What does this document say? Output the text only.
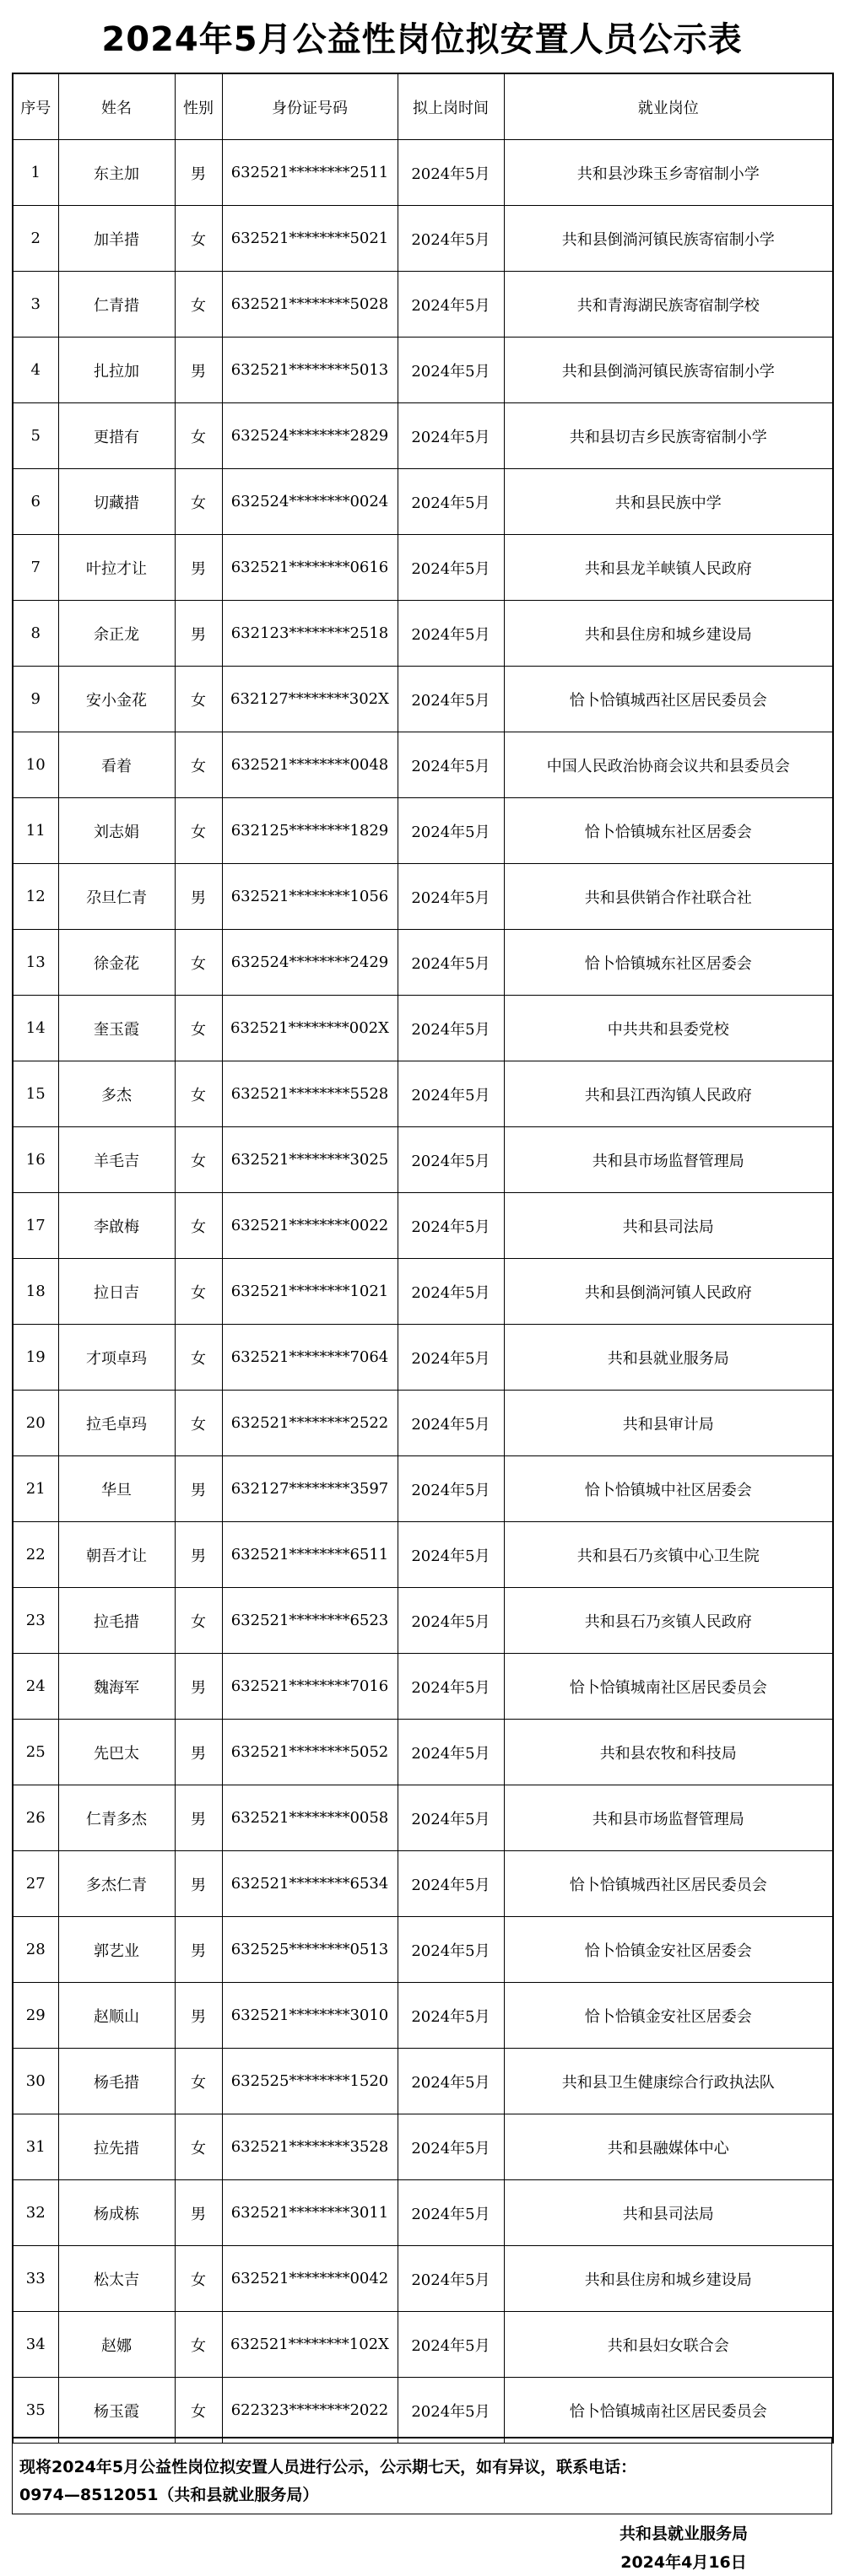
2024年5月公益性岗位拟安置人员公示表
序号	姓名	性别	身份证号码	拟上岗时间	就业岗位
1	东主加	男	632521********2511	2024年5月	共和县沙珠玉乡寄宿制小学
2	加羊措	女	632521********5021	2024年5月	共和县倒淌河镇民族寄宿制小学
3	仁青措	女	632521********5028	2024年5月	共和青海湖民族寄宿制学校
4	扎拉加	男	632521********5013	2024年5月	共和县倒淌河镇民族寄宿制小学
5	更措有	女	632524********2829	2024年5月	共和县切吉乡民族寄宿制小学
6	切藏措	女	632524********0024	2024年5月	共和县民族中学
7	叶拉才让	男	632521********0616	2024年5月	共和县龙羊峡镇人民政府
8	余正龙	男	632123********2518	2024年5月	共和县住房和城乡建设局
9	安小金花	女	632127********302X	2024年5月	恰卜恰镇城西社区居民委员会
10	看着	女	632521********0048	2024年5月	中国人民政治协商会议共和县委员会
11	刘志娟	女	632125********1829	2024年5月	恰卜恰镇城东社区居委会
12	尕旦仁青	男	632521********1056	2024年5月	共和县供销合作社联合社
13	徐金花	女	632524********2429	2024年5月	恰卜恰镇城东社区居委会
14	奎玉霞	女	632521********002X	2024年5月	中共共和县委党校
15	多杰	女	632521********5528	2024年5月	共和县江西沟镇人民政府
16	羊毛吉	女	632521********3025	2024年5月	共和县市场监督管理局
17	李啟梅	女	632521********0022	2024年5月	共和县司法局
18	拉日吉	女	632521********1021	2024年5月	共和县倒淌河镇人民政府
19	才项卓玛	女	632521********7064	2024年5月	共和县就业服务局
20	拉毛卓玛	女	632521********2522	2024年5月	共和县审计局
21	华旦	男	632127********3597	2024年5月	恰卜恰镇城中社区居委会
22	朝吾才让	男	632521********6511	2024年5月	共和县石乃亥镇中心卫生院
23	拉毛措	女	632521********6523	2024年5月	共和县石乃亥镇人民政府
24	魏海军	男	632521********7016	2024年5月	恰卜恰镇城南社区居民委员会
25	先巴太	男	632521********5052	2024年5月	共和县农牧和科技局
26	仁青多杰	男	632521********0058	2024年5月	共和县市场监督管理局
27	多杰仁青	男	632521********6534	2024年5月	恰卜恰镇城西社区居民委员会
28	郭艺业	男	632525********0513	2024年5月	恰卜恰镇金安社区居委会
29	赵顺山	男	632521********3010	2024年5月	恰卜恰镇金安社区居委会
30	杨毛措	女	632525********1520	2024年5月	共和县卫生健康综合行政执法队
31	拉先措	女	632521********3528	2024年5月	共和县融媒体中心
32	杨成栋	男	632521********3011	2024年5月	共和县司法局
33	松太吉	女	632521********0042	2024年5月	共和县住房和城乡建设局
34	赵娜	女	632521********102X	2024年5月	共和县妇女联合会
35	杨玉霞	女	622323********2022	2024年5月	恰卜恰镇城南社区居民委员会
现将2024年5月公益性岗位拟安置人员进行公示，公示期七天，如有异议，联系电话：
0974—8512051（共和县就业服务局）
共和县就业服务局
2024年4月16日
